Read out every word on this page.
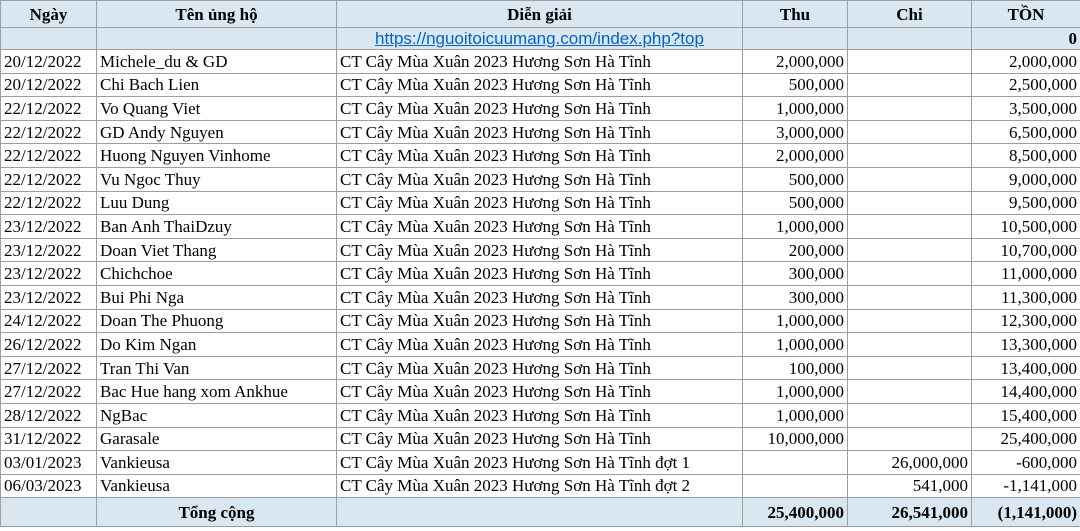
Ngày	Tên ủng hộ	Diễn giải	Thu	Chi	TỒN
		https://nguoitoicuumang.com/index.php?top			0
20/12/2022	Michele_du & GD	CT Cây Mùa Xuân 2023 Hương Sơn Hà Tĩnh	2,000,000		2,000,000
20/12/2022	Chi Bach Lien	CT Cây Mùa Xuân 2023 Hương Sơn Hà Tĩnh	500,000		2,500,000
22/12/2022	Vo Quang Viet	CT Cây Mùa Xuân 2023 Hương Sơn Hà Tĩnh	1,000,000		3,500,000
22/12/2022	GD Andy Nguyen	CT Cây Mùa Xuân 2023 Hương Sơn Hà Tĩnh	3,000,000		6,500,000
22/12/2022	Huong Nguyen Vinhome	CT Cây Mùa Xuân 2023 Hương Sơn Hà Tĩnh	2,000,000		8,500,000
22/12/2022	Vu Ngoc Thuy	CT Cây Mùa Xuân 2023 Hương Sơn Hà Tĩnh	500,000		9,000,000
22/12/2022	Luu Dung	CT Cây Mùa Xuân 2023 Hương Sơn Hà Tĩnh	500,000		9,500,000
23/12/2022	Ban Anh ThaiDzuy	CT Cây Mùa Xuân 2023 Hương Sơn Hà Tĩnh	1,000,000		10,500,000
23/12/2022	Doan Viet Thang	CT Cây Mùa Xuân 2023 Hương Sơn Hà Tĩnh	200,000		10,700,000
23/12/2022	Chichchoe	CT Cây Mùa Xuân 2023 Hương Sơn Hà Tĩnh	300,000		11,000,000
23/12/2022	Bui Phi Nga	CT Cây Mùa Xuân 2023 Hương Sơn Hà Tĩnh	300,000		11,300,000
24/12/2022	Doan The Phuong	CT Cây Mùa Xuân 2023 Hương Sơn Hà Tĩnh	1,000,000		12,300,000
26/12/2022	Do Kim Ngan	CT Cây Mùa Xuân 2023 Hương Sơn Hà Tĩnh	1,000,000		13,300,000
27/12/2022	Tran Thi Van	CT Cây Mùa Xuân 2023 Hương Sơn Hà Tĩnh	100,000		13,400,000
27/12/2022	Bac Hue hang xom Ankhue	CT Cây Mùa Xuân 2023 Hương Sơn Hà Tĩnh	1,000,000		14,400,000
28/12/2022	NgBac	CT Cây Mùa Xuân 2023 Hương Sơn Hà Tĩnh	1,000,000		15,400,000
31/12/2022	Garasale	CT Cây Mùa Xuân 2023 Hương Sơn Hà Tĩnh	10,000,000		25,400,000
03/01/2023	Vankieusa	CT Cây Mùa Xuân 2023 Hương Sơn Hà Tĩnh đợt 1		26,000,000	-600,000
06/03/2023	Vankieusa	CT Cây Mùa Xuân 2023 Hương Sơn Hà Tĩnh đợt 2		541,000	-1,141,000
	Tổng cộng		25,400,000	26,541,000	(1,141,000)
